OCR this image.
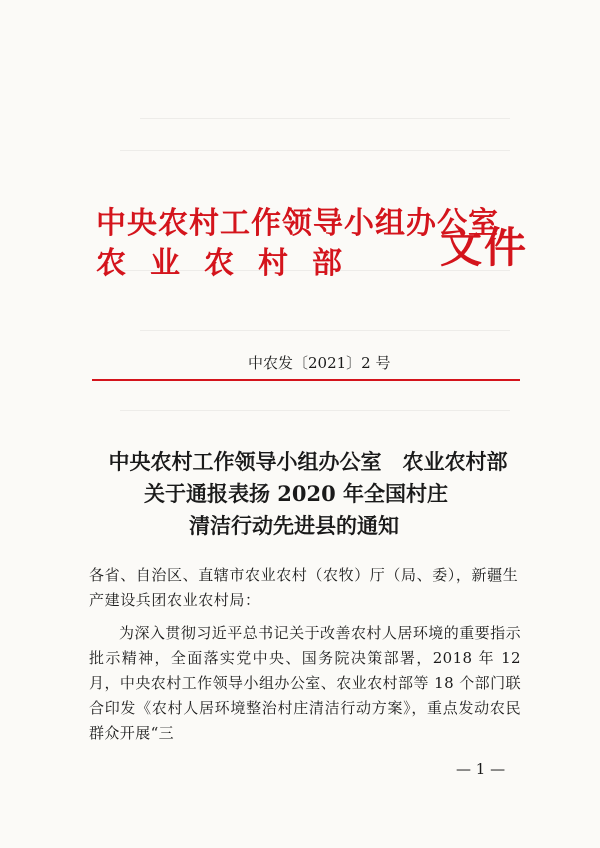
中央农村工作领导小组办公室
农业农村部 文件
中农发〔2021〕2 号
中央农村工作领导小组办公室　农业农村部
关于通报表扬 2020 年全国村庄
清洁行动先进县的通知
各省、自治区、直辖市农业农村（农牧）厅（局、委），新疆生产建设兵团农业农村局：
为深入贯彻习近平总书记关于改善农村人居环境的重要指示批示精神，全面落实党中央、国务院决策部署，2018 年 12 月，中央农村工作领导小组办公室、农业农村部等 18 个部门联合印发《农村人居环境整治村庄清洁行动方案》，重点发动农民群众开展“三
— 1 —
